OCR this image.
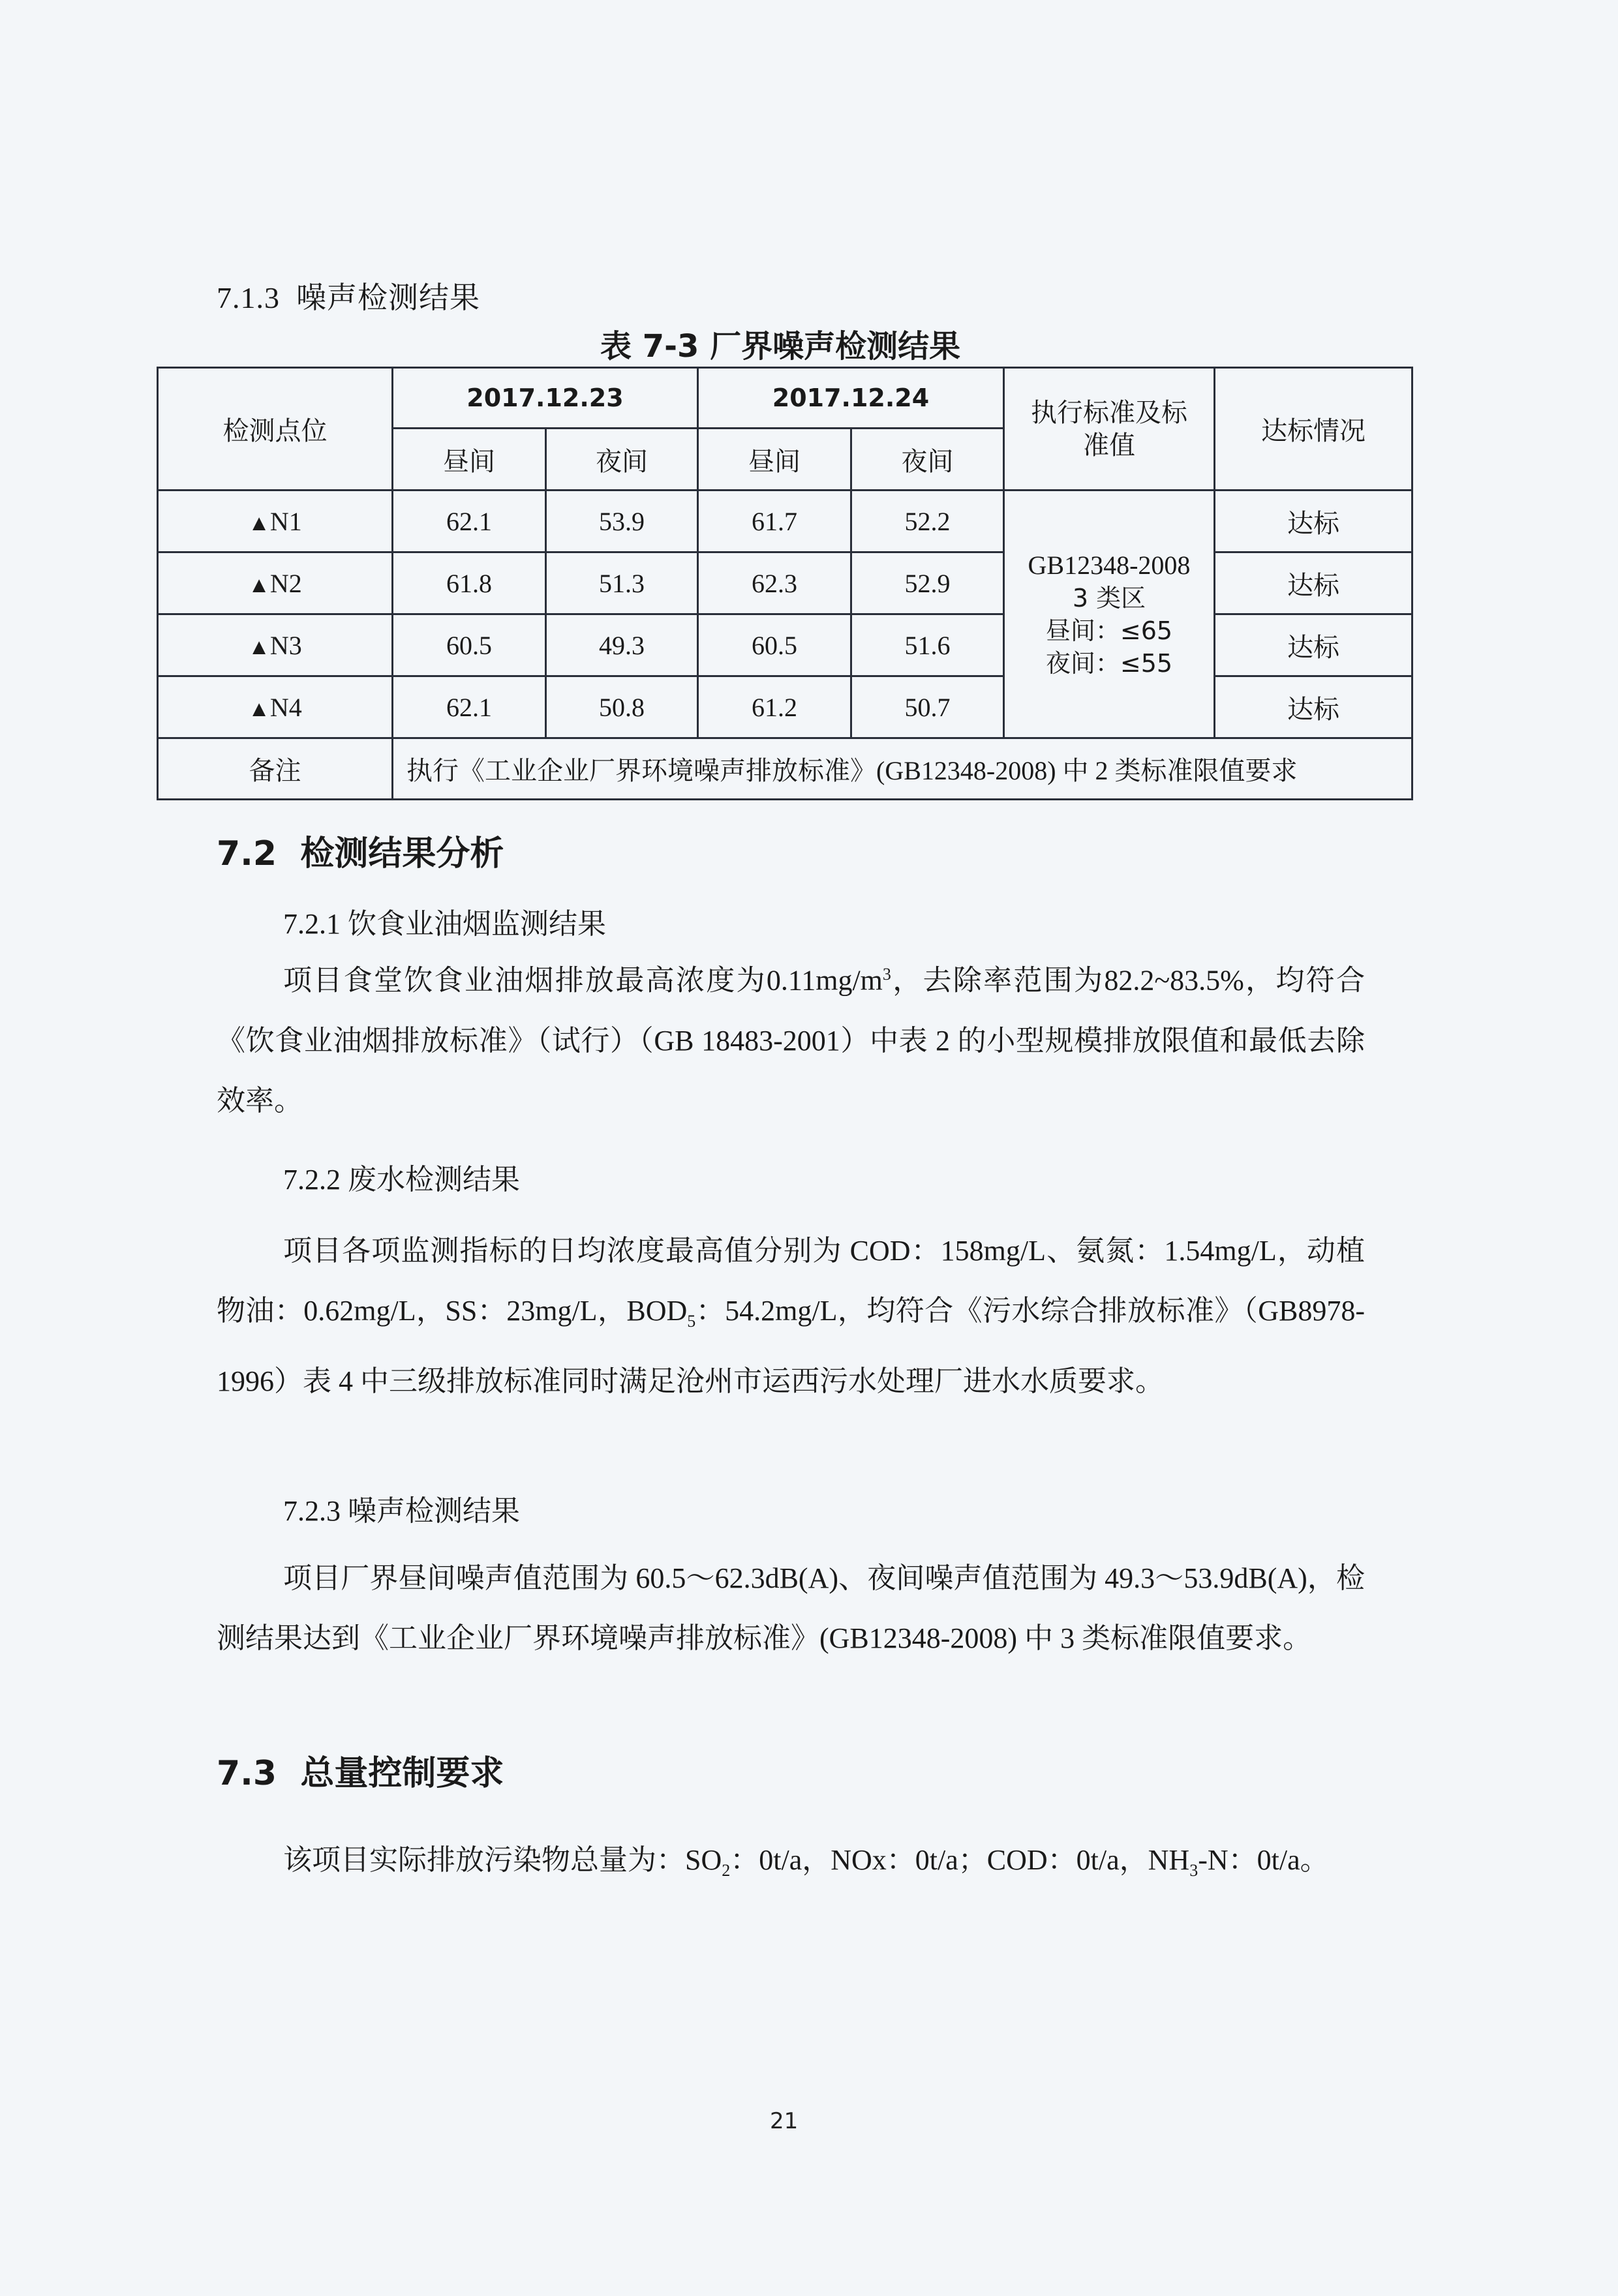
7.1.3 噪声检测结果
表 7-3 厂界噪声检测结果
检测点位	2017.12.23		2017.12.24		执行标准及标准值	达标情况
	昼间	夜间	昼间	夜间		
▲N1	62.1	53.9	61.7	52.2	GB12348-2008
3 类区
昼间：≤65
夜间：≤55	达标
▲N2	61.8	51.3	62.3	52.9		达标
▲N3	60.5	49.3	60.5	51.6		达标
▲N4	62.1	50.8	61.2	50.7		达标
备注	执行《工业企业厂界环境噪声排放标准》(GB12348-2008) 中 2 类标准限值要求					
7.2 检测结果分析
7.2.1 饮食业油烟监测结果
项目食堂饮食业油烟排放最高浓度为$0.11mg/m^3$，去除率范围为82.2~83.5%，均符合《饮食业油烟排放标准》（试行）（GB 18483-2001）中表 2 的小型规模排放限值和最低去除效率。
7.2.2 废水检测结果
项目各项监测指标的日均浓度最高值分别为 COD：158mg/L、氨氮：1.54mg/L，动植物油：0.62mg/L，SS：23mg/L，$BOD_5$：54.2mg/L，均符合《污水综合排放标准》（GB8978-1996）表 4 中三级排放标准同时满足沧州市运西污水处理厂进水水质要求。
7.2.3 噪声检测结果
项目厂界昼间噪声值范围为 60.5～62.3dB(A)、夜间噪声值范围为 49.3～53.9dB(A)，检测结果达到《工业企业厂界环境噪声排放标准》(GB12348-2008) 中 3 类标准限值要求。
7.3 总量控制要求
该项目实际排放污染物总量为：$SO_2$：0t/a，NOx：0t/a；COD：0t/a，$NH_3-N$：0t/a。
21
